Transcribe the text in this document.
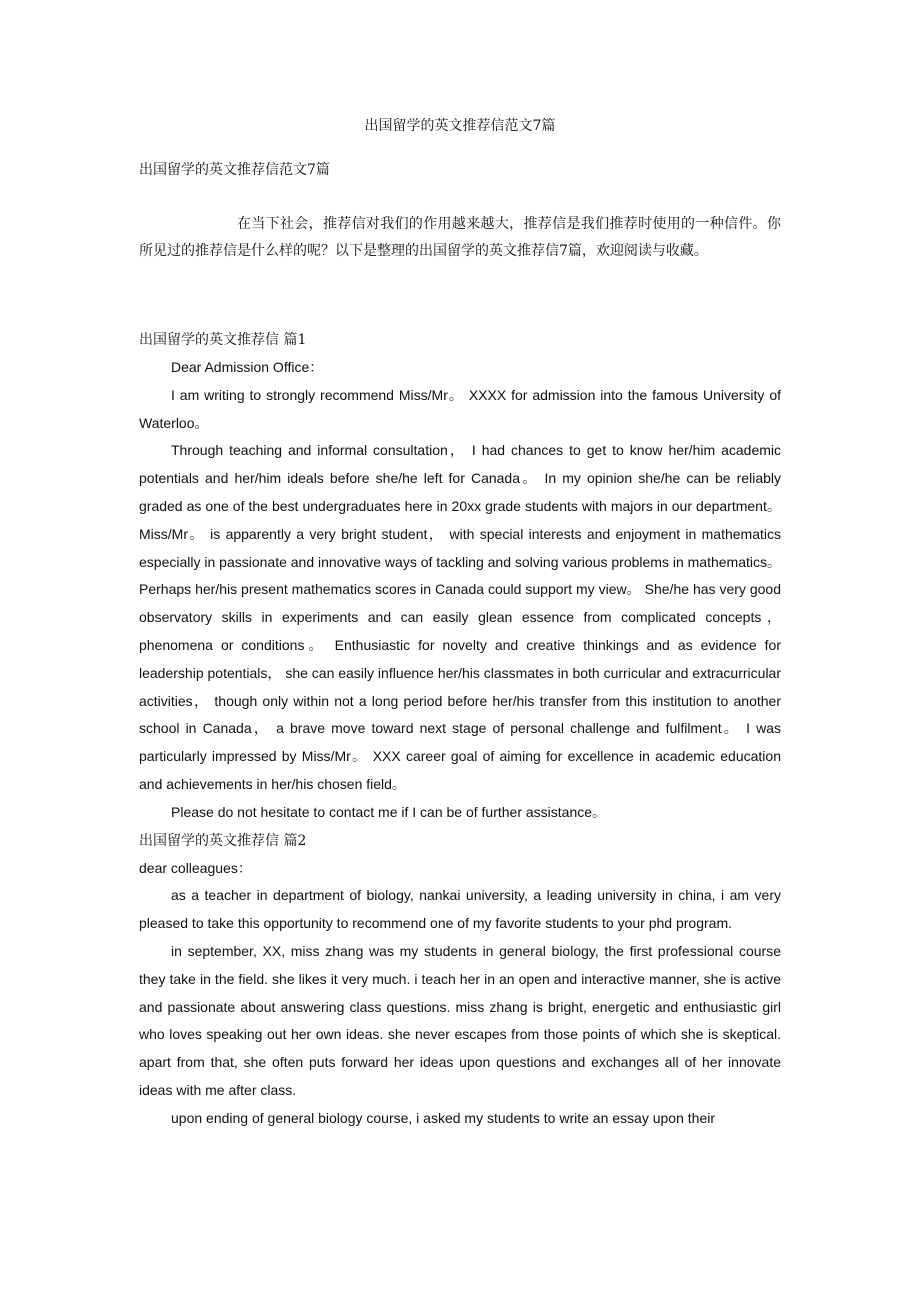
出国留学的英文推荐信范文7篇
出国留学的英文推荐信范文7篇

在当下社会，推荐信对我们的作用越来越大，推荐信是我们推荐时使用的一种信件。你所见过的推荐信是什么样的呢？以下是整理的出国留学的英文推荐信7篇，欢迎阅读与收藏。

出国留学的英文推荐信 篇1

Dear Admission Office：

I am writing to strongly recommend Miss/Mr。 XXXX for admission into the famous University of Waterloo。

Through teaching and informal consultation， I had chances to get to know her/him academic potentials and her/him ideals before she/he left for Canada。 In my opinion she/he can be reliably graded as one of the best undergraduates here in 20xx grade students with majors in our department。 Miss/Mr。 is apparently a very bright student， with special interests and enjoyment in mathematics especially in passionate and innovative ways of tackling and solving various problems in mathematics。 Perhaps her/his present mathematics scores in Canada could support my view。 She/he has very good observatory skills in experiments and can easily glean essence from complicated concepts， phenomena or conditions。 Enthusiastic for novelty and creative thinkings and as evidence for leadership potentials， she can easily influence her/his classmates in both curricular and extracurricular activities， though only within not a long period before her/his transfer from this institution to another school in Canada， a brave move toward next stage of personal challenge and fulfilment。 I was particularly impressed by Miss/Mr。 XXX career goal of aiming for excellence in academic education and achievements in her/his chosen field。

Please do not hesitate to contact me if I can be of further assistance。

出国留学的英文推荐信 篇2

dear colleagues：

as a teacher in department of biology, nankai university, a leading university in china, i am very pleased to take this opportunity to recommend one of my favorite students to your phd program.

in september, XX, miss zhang was my students in general biology, the first professional course they take in the field. she likes it very much. i teach her in an open and interactive manner, she is active and passionate about answering class questions. miss zhang is bright, energetic and enthusiastic girl who loves speaking out her own ideas. she never escapes from those points of which she is skeptical. apart from that, she often puts forward her ideas upon questions and exchanges all of her innovate ideas with me after class.

upon ending of general biology course, i asked my students to write an essay upon their
